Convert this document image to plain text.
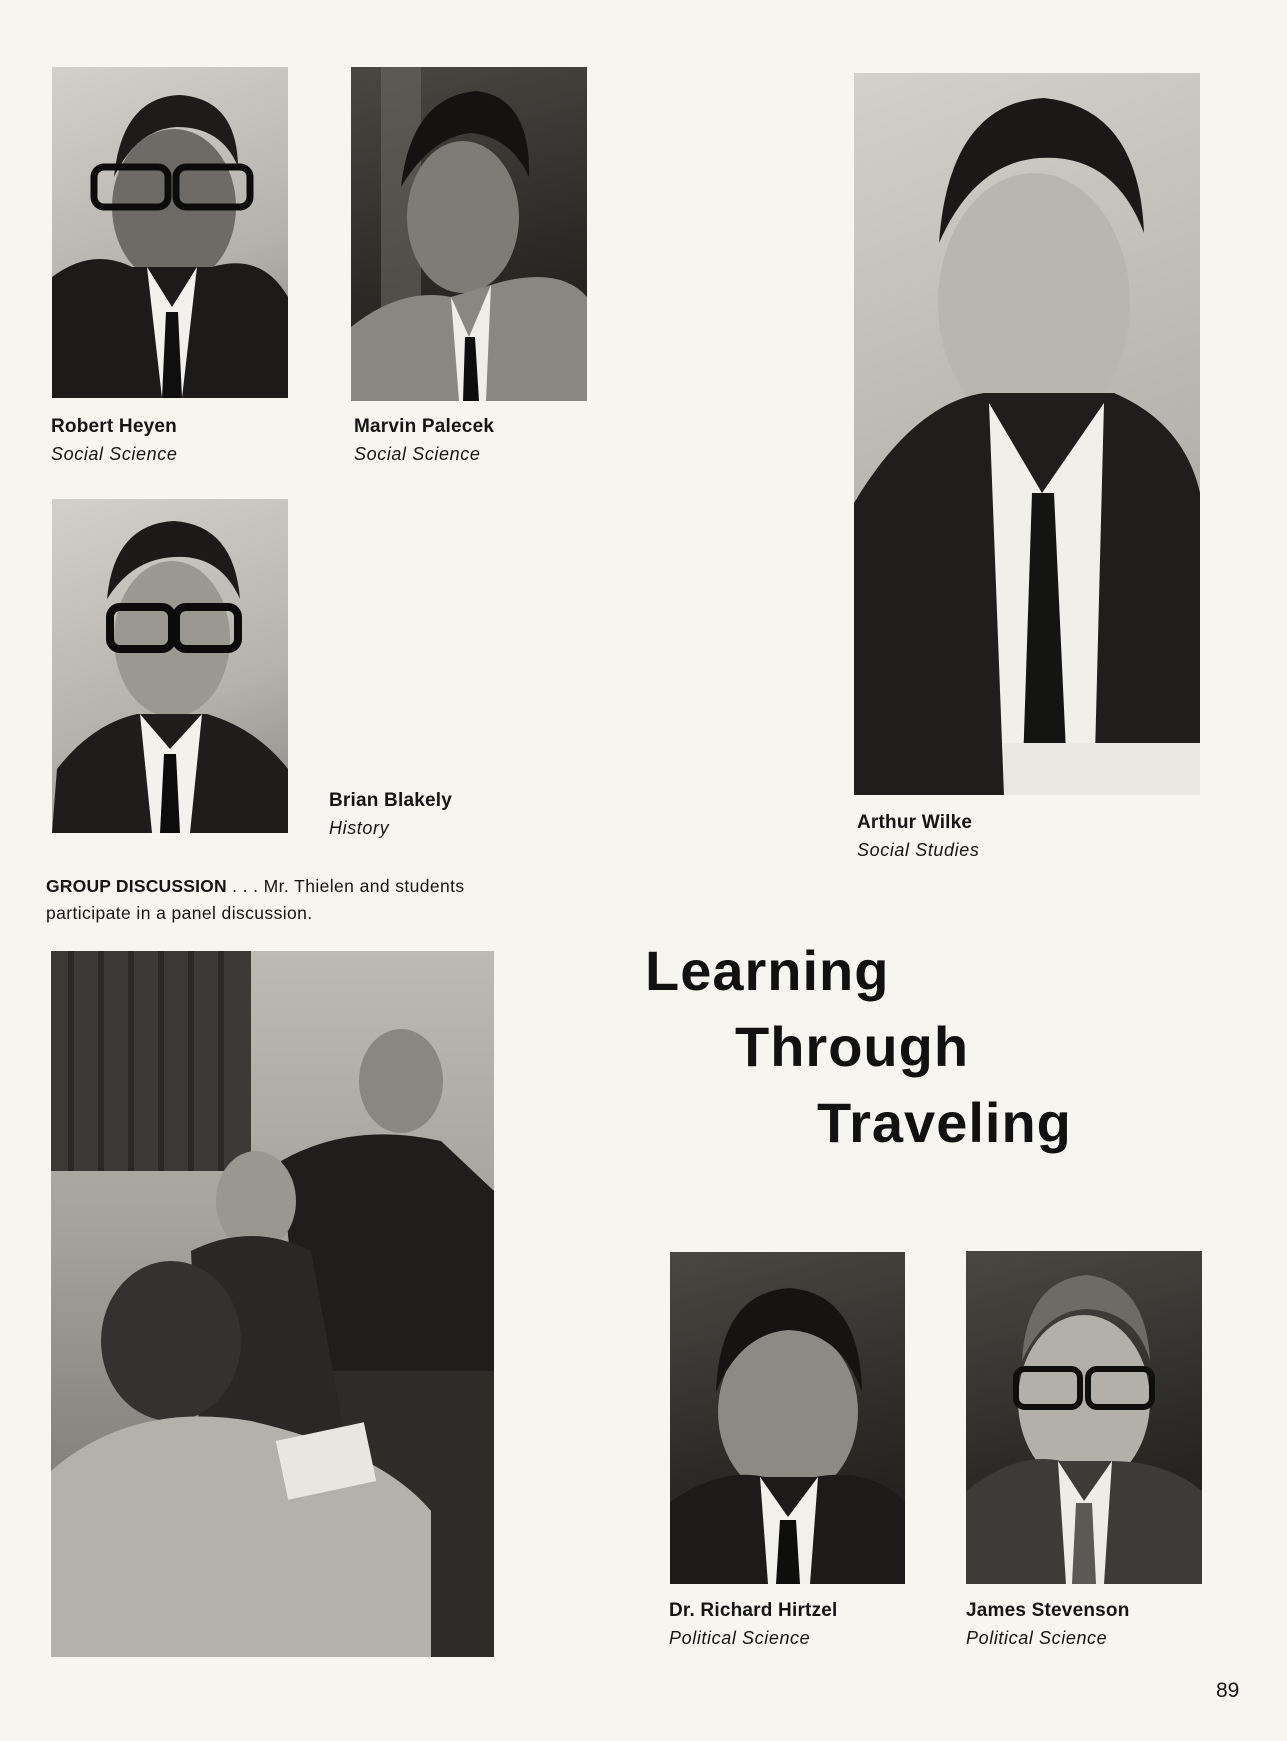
Robert Heyen
Social Science
Marvin Palecek
Social Science
Brian Blakely
History	Arthur Wilke
Social Studies
GROUP DISCUSSION . . . Mr. Thielen and students participate in a panel discussion.
Learning
Through
Traveling
Dr. Richard Hirtzel
Political Science
James Stevenson
Political Science
89
